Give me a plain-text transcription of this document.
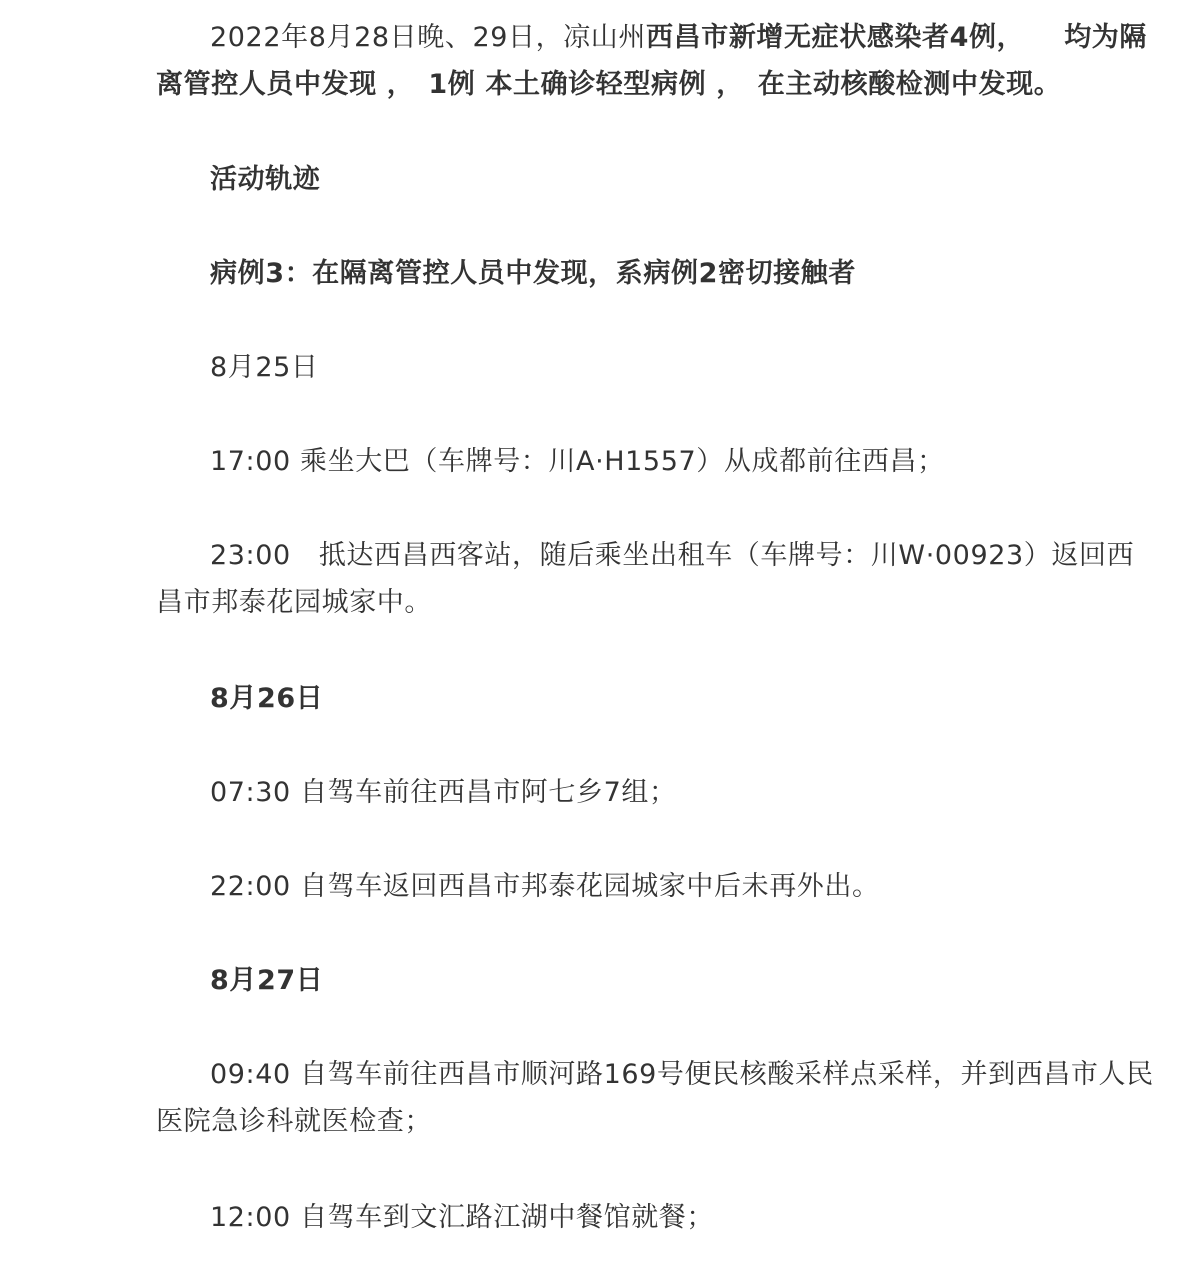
2022年8月28日晚、29日，凉山州西昌市新增无症状感染者4例， 均为隔离管控人员中发现 ， 1例 本土确诊轻型病例 ， 在主动核酸检测中发现。

活动轨迹

病例3：在隔离管控人员中发现，系病例2密切接触者

8月25日

17:00 乘坐大巴（车牌号：川A·H1557）从成都前往西昌；

23:00 抵达西昌西客站，随后乘坐出租车（车牌号：川W·00923）返回西昌市邦泰花园城家中。

8月26日

07:30 自驾车前往西昌市阿七乡7组；

22:00 自驾车返回西昌市邦泰花园城家中后未再外出。

8月27日

09:40 自驾车前往西昌市顺河路169号便民核酸采样点采样，并到西昌市人民医院急诊科就医检查；

12:00 自驾车到文汇路江湖中餐馆就餐；
